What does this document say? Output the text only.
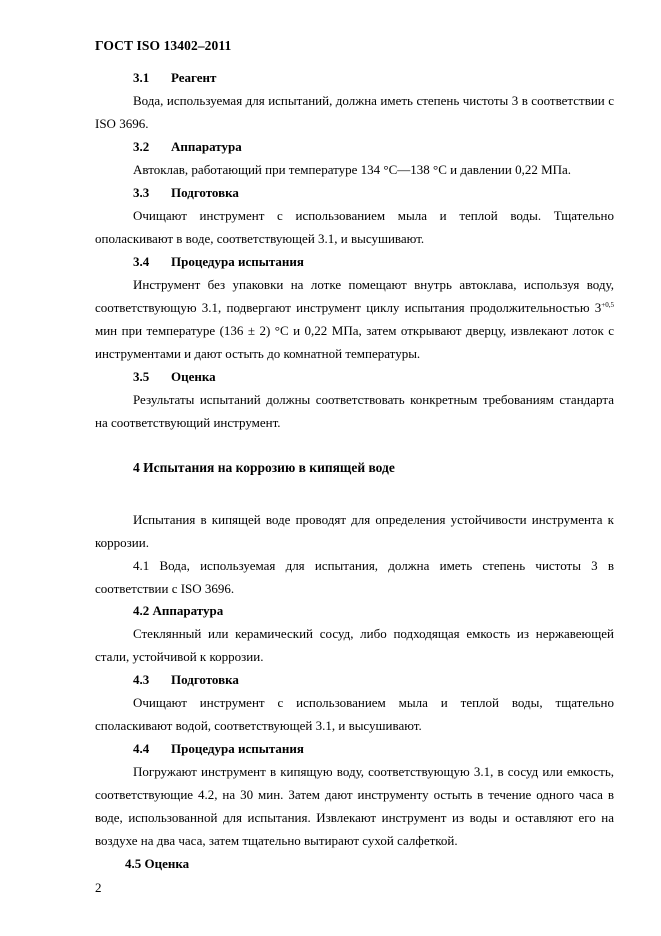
ГОСТ ISO 13402–2011
3.1 Реагент
Вода, используемая для испытаний, должна иметь степень чистоты 3 в соответствии с ISO 3696.
3.2 Аппаратура
Автоклав, работающий при температуре 134 °C—138 °C и давлении 0,22 МПа.
3.3 Подготовка
Очищают инструмент с использованием мыла и теплой воды. Тщательно ополаскивают в воде, соответствующей 3.1, и высушивают.
3.4 Процедура испытания
Инструмент без упаковки на лотке помещают внутрь автоклава, используя воду, соответствующую 3.1, подвергают инструмент циклу испытания продолжительностью $3^{+0,5}$ мин при температуре (136 ± 2) °C и 0,22 МПа, затем открывают дверцу, извлекают лоток с инструментами и дают остыть до комнатной температуры.
3.5 Оценка
Результаты испытаний должны соответствовать конкретным требованиям стандарта на соответствующий инструмент.
4 Испытания на коррозию в кипящей воде
Испытания в кипящей воде проводят для определения устойчивости инструмента к коррозии.
4.1 Вода, используемая для испытания, должна иметь степень чистоты 3 в соответствии с ISO 3696.
4.2 Аппаратура
Стеклянный или керамический сосуд, либо подходящая емкость из нержавеющей стали, устойчивой к коррозии.
4.3 Подготовка
Очищают инструмент с использованием мыла и теплой воды, тщательно споласкивают водой, соответствующей 3.1, и высушивают.
4.4 Процедура испытания
Погружают инструмент в кипящую воду, соответствующую 3.1, в сосуд или емкость, соответствующие 4.2, на 30 мин. Затем дают инструменту остыть в течение одного часа в воде, использованной для испытания. Извлекают инструмент из воды и оставляют его на воздухе на два часа, затем тщательно вытирают сухой салфеткой.
4.5 Оценка
2
